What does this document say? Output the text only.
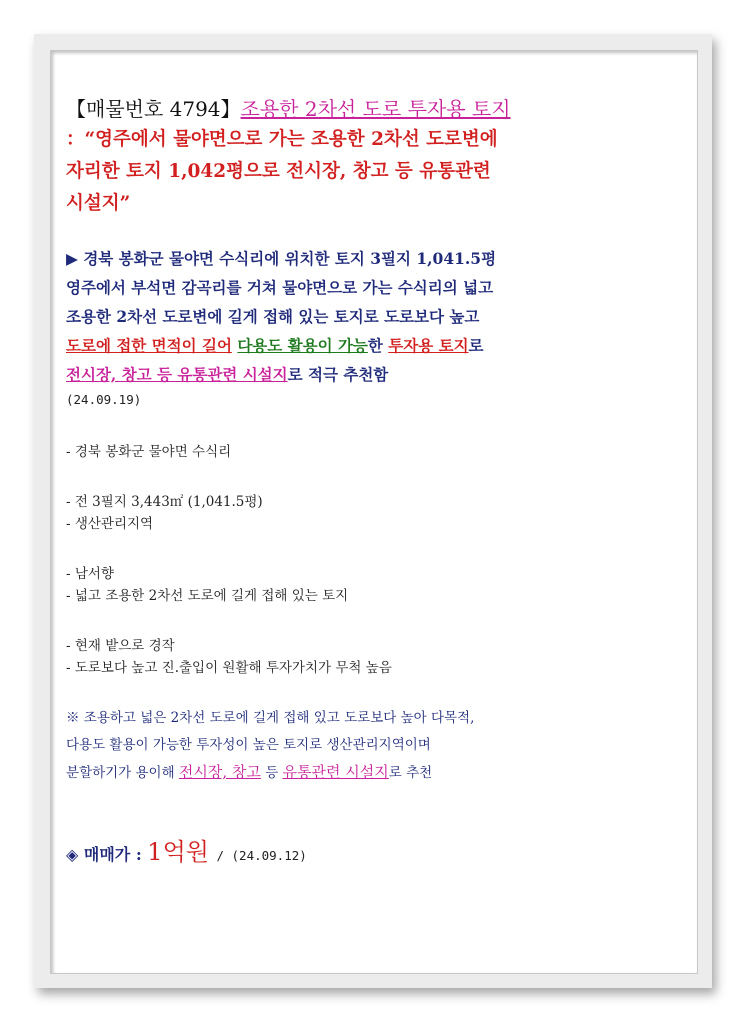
【매물번호 4794】조용한 2차선 도로 투자용 토지

：“영주에서 물야면으로 가는 조용한 2차선 도로변에

자리한 토지 1,042평으로 전시장, 창고 등 유통관련

시설지”

▶ 경북 봉화군 물야면 수식리에 위치한 토지 3필지 1,041.5평
영주에서 부석면 감곡리를 거쳐 물야면으로 가는 수식리의 넓고
조용한 2차선 도로변에 길게 접해 있는 토지로 도로보다 높고
도로에 접한 면적이 길어 다용도 활용이 가능한 투자용 토지로
전시장, 창고 등 유통관련 시설지로 적극 추천함
(24.09.19)
- 경북 봉화군 물야면 수식리
- 전 3필지 3,443㎡ (1,041.5평)
- 생산관리지역
- 남서향
- 넓고 조용한 2차선 도로에 길게 접해 있는 토지
- 현재 밭으로 경작
- 도로보다 높고 진.출입이 원활해 투자가치가 무척 높음
※ 조용하고 넓은 2차선 도로에 길게 접해 있고 도로보다 높아 다목적,
다용도 활용이 가능한 투자성이 높은 토지로 생산관리지역이며
분할하기가 용이해 전시장, 창고 등 유통관련 시설지로 추천
◈ 매매가 : 1억원 / (24.09.12)
